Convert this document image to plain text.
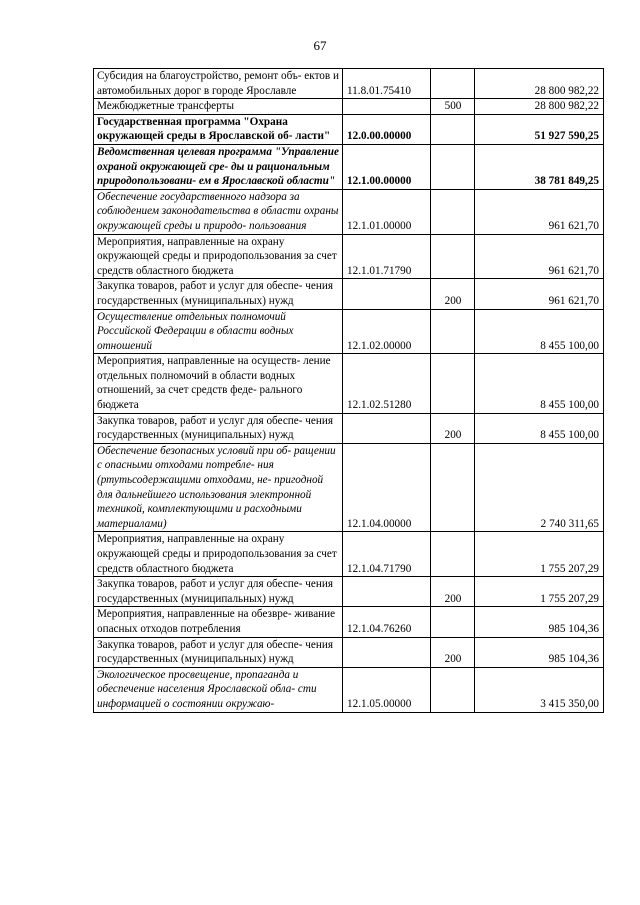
67
Субсидия на благоустройство, ремонт объ- ектов и автомобильных дорог в городе Ярославле	11.8.01.75410		28 800 982,22
Межбюджетные трансферты		500	28 800 982,22
Государственная программа "Охрана окружающей среды в Ярославской об- ласти"	12.0.00.00000		51 927 590,25
Ведомственная целевая программа "Управление охраной окружающей сре- ды и рациональным природопользовани- ем в Ярославской области"	12.1.00.00000		38 781 849,25
Обеспечение государственного надзора за соблюдением законодательства в области охраны окружающей среды и природо- пользования	12.1.01.00000		961 621,70
Мероприятия, направленные на охрану окружающей среды и природопользования за счет средств областного бюджета	12.1.01.71790		961 621,70
Закупка товаров, работ и услуг для обеспе- чения государственных (муниципальных) нужд		200	961 621,70
Осуществление отдельных полномочий Российской Федерации в области водных отношений	12.1.02.00000		8 455 100,00
Мероприятия, направленные на осуществ- ление отдельных полномочий в области водных отношений, за счет средств феде- рального бюджета	12.1.02.51280		8 455 100,00
Закупка товаров, работ и услуг для обеспе- чения государственных (муниципальных) нужд		200	8 455 100,00
Обеспечение безопасных условий при об- ращении с опасными отходами потребле- ния (ртутьсодержащими отходами, не- пригодной для дальнейшего использования электронной техникой, комплектующими и расходными материалами)	12.1.04.00000		2 740 311,65
Мероприятия, направленные на охрану окружающей среды и природопользования за счет средств областного бюджета	12.1.04.71790		1 755 207,29
Закупка товаров, работ и услуг для обеспе- чения государственных (муниципальных) нужд		200	1 755 207,29
Мероприятия, направленные на обезвре- живание опасных отходов потребления	12.1.04.76260		985 104,36
Закупка товаров, работ и услуг для обеспе- чения государственных (муниципальных) нужд		200	985 104,36
Экологическое просвещение, пропаганда и обеспечение населения Ярославской обла- сти информацией о состоянии окружаю-	12.1.05.00000		3 415 350,00
